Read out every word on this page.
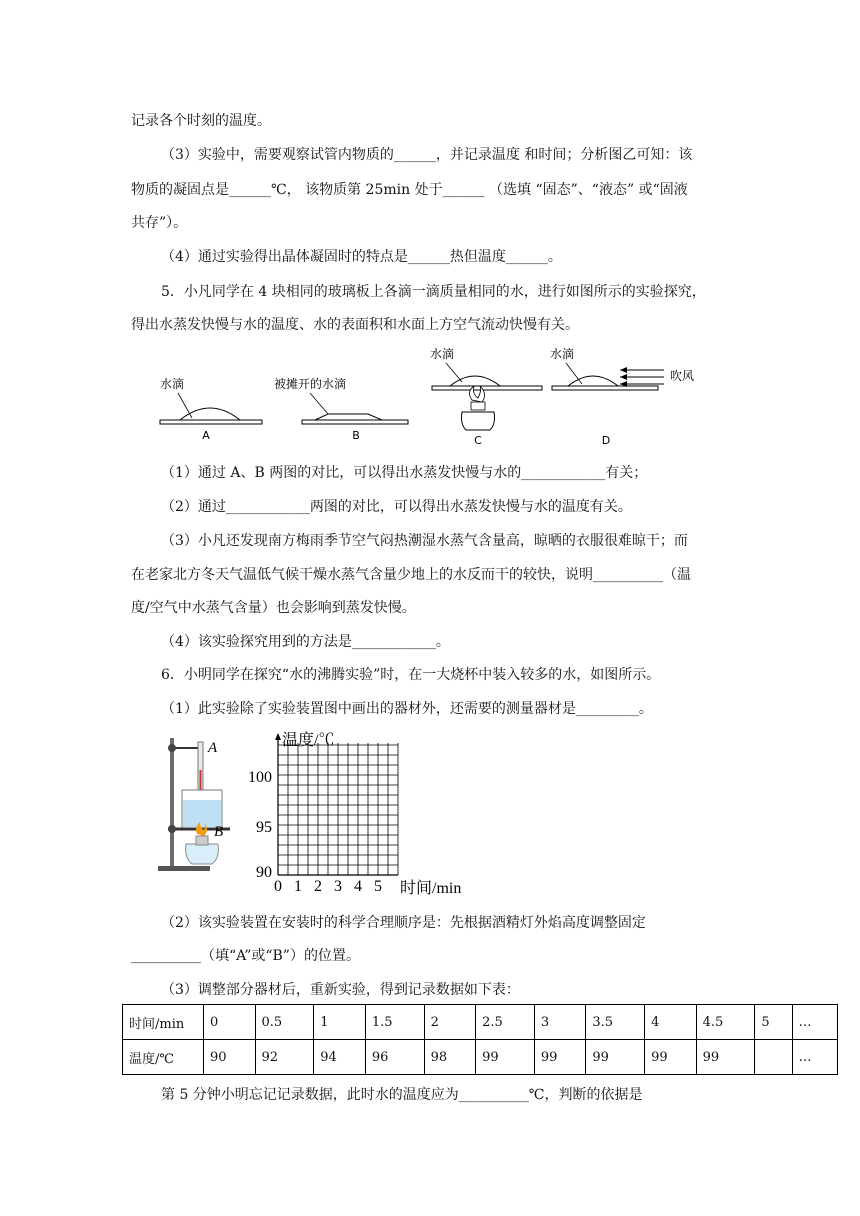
记录各个时刻的温度。
（3）实验中，需要观察试管内物质的______，并记录温度 和时间；分析图乙可知：该
物质的凝固点是______℃， 该物质第 25min 处于______ （选填 “固态”、“液态” 或“固液
共存”）。
（4）通过实验得出晶体凝固时的特点是______热但温度______。
5．小凡同学在 4 块相同的玻璃板上各滴一滴质量相同的水，进行如图所示的实验探究，
得出水蒸发快慢与水的温度、水的表面积和水面上方空气流动快慢有关。
水滴
A
被摊开的水滴
B
水滴
C
水滴
吹风
D
（1）通过 A、B 两图的对比，可以得出水蒸发快慢与水的____________有关；
（2）通过____________两图的对比，可以得出水蒸发快慢与水的温度有关。
（3）小凡还发现南方梅雨季节空气闷热潮湿水蒸气含量高，晾晒的衣服很难晾干；而
在老家北方冬天气温低气候干燥水蒸气含量少地上的水反而干的较快，说明__________（温
度/空气中水蒸气含量）也会影响到蒸发快慢。
（4）该实验探究用到的方法是____________。
6．小明同学在探究“水的沸腾实验”时，在一大烧杯中装入较多的水，如图所示。
（1）此实验除了实验装置图中画出的器材外，还需要的测量器材是_________。
A
B
温度/℃
100
95
90
0 1 2 3 4 5 时间/min
（2）该实验装置在安装时的科学合理顺序是：先根据酒精灯外焰高度调整固定
__________（填“A”或“B”）的位置。
（3）调整部分器材后，重新实验，得到记录数据如下表：
时间/min	0	0.5	1	1.5	2	2.5	3	3.5	4	4.5	5	…
温度/℃	90	92	94	96	98	99	99	99	99	99		…
第 5 分钟小明忘记记录数据，此时水的温度应为__________℃，判断的依据是
